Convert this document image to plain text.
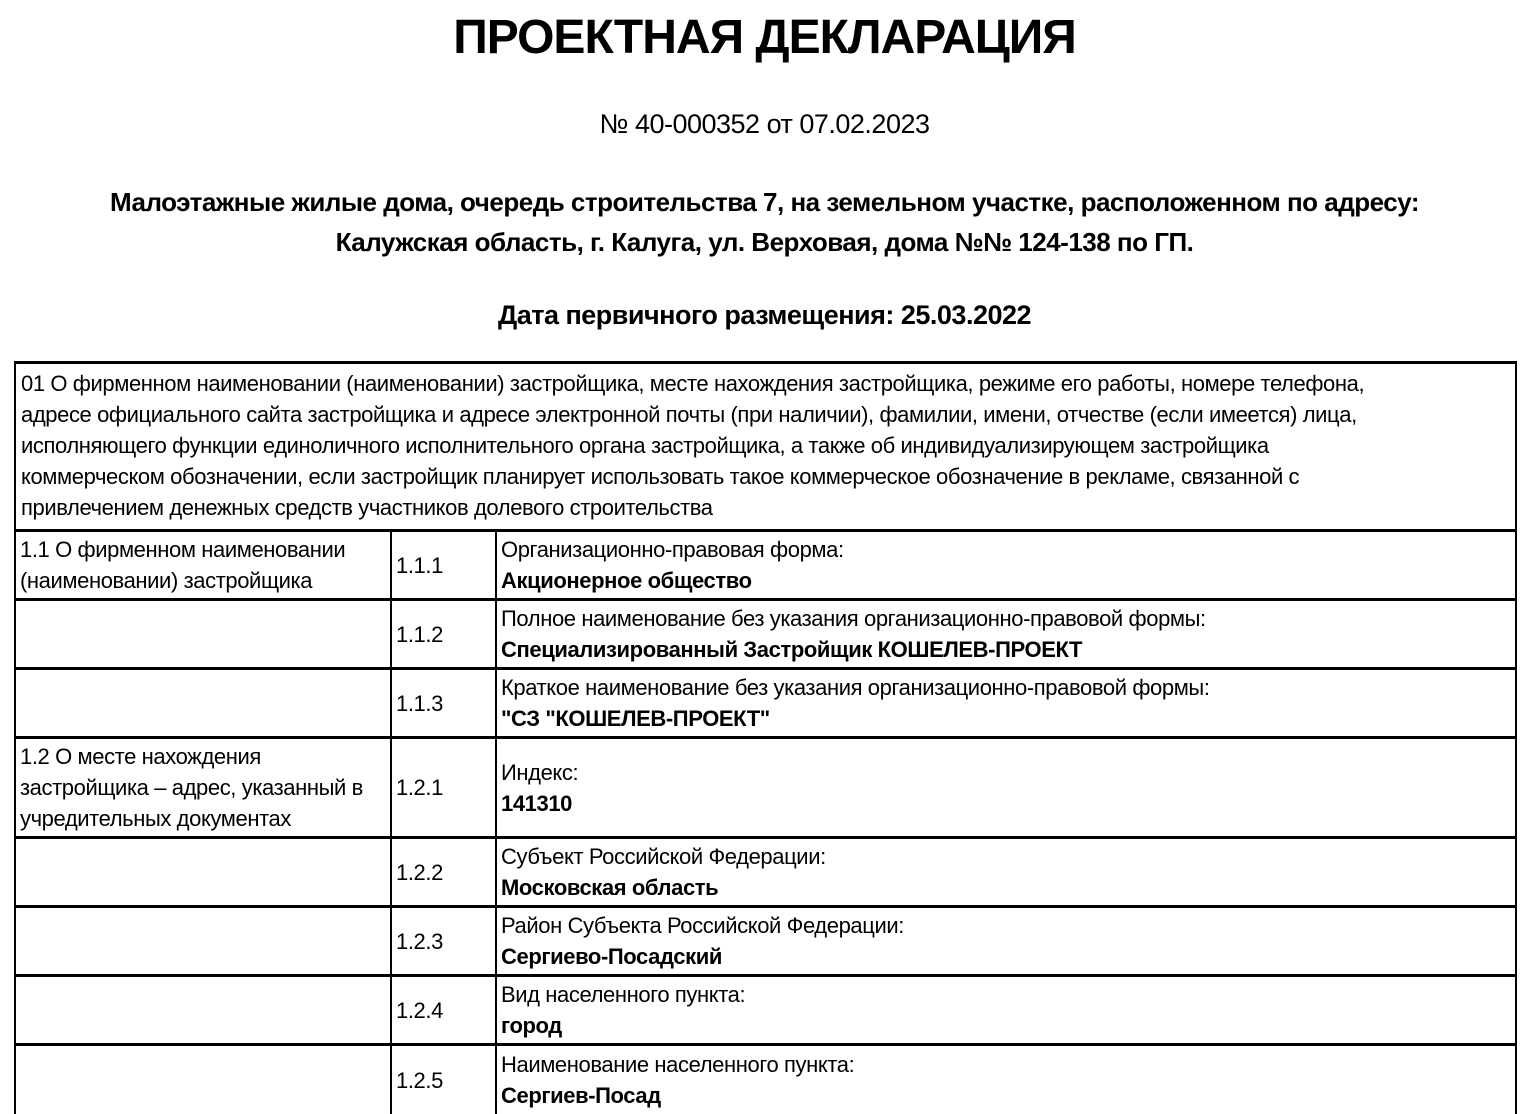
ПРОЕКТНАЯ ДЕКЛАРАЦИЯ
№ 40-000352 от 07.02.2023
Малоэтажные жилые дома, очередь строительства 7, на земельном участке, расположенном по адресу:
Калужская область, г. Калуга, ул. Верховая, дома №№ 124-138 по ГП.
Дата первичного размещения: 25.03.2022
01 О фирменном наименовании (наименовании) застройщика, месте нахождения застройщика, режиме его работы, номере телефона,
адресе официального сайта застройщика и адресе электронной почты (при наличии), фамилии, имени, отчестве (если имеется) лица,
исполняющего функции единоличного исполнительного органа застройщика, а также об индивидуализирующем застройщика
коммерческом обозначении, если застройщик планирует использовать такое коммерческое обозначение в рекламе, связанной с
привлечением денежных средств участников долевого строительства		

1.1 О фирменном наименовании (наименовании) застройщика	1.1.1	Организационно-правовая форма:
Акционерное общество

	1.1.2	Полное наименование без указания организационно-правовой формы:
Специализированный Застройщик КОШЕЛЕВ-ПРОЕКТ

	1.1.3	Краткое наименование без указания организационно-правовой формы:
"СЗ "КОШЕЛЕВ-ПРОЕКТ"

1.2 О месте нахождения застройщика – адрес, указанный в учредительных документах	1.2.1	Индекс:
141310

	1.2.2	Субъект Российской Федерации:
Московская область

	1.2.3	Район Субъекта Российской Федерации:
Сергиево-Посадский

	1.2.4	Вид населенного пункта:
город

	1.2.5	Наименование населенного пункта:
Сергиев-Посад
